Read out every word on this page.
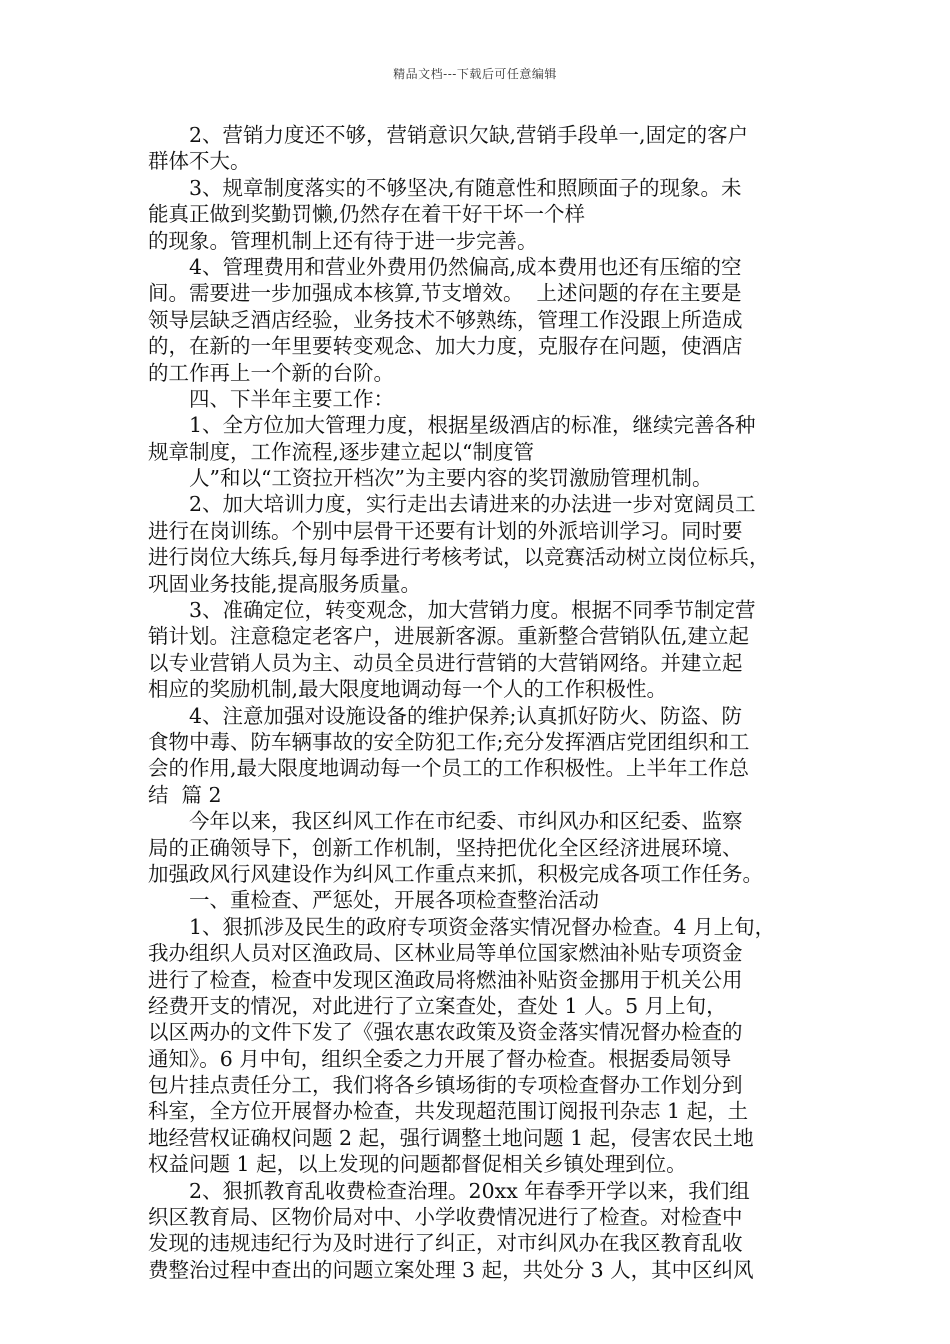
精品文档---下载后可任意编辑
2、营销力度还不够，营销意识欠缺,营销手段单一,固定的客户
群体不大。
3、规章制度落实的不够坚决,有随意性和照顾面子的现象。未
能真正做到奖勤罚懒,仍然存在着干好干坏一个样
的现象。管理机制上还有待于进一步完善。
4、管理费用和营业外费用仍然偏高,成本费用也还有压缩的空
间。需要进一步加强成本核算,节支增效。  上述问题的存在主要是
领导层缺乏酒店经验，业务技术不够熟练，管理工作没跟上所造成
的，在新的一年里要转变观念、加大力度，克服存在问题，使酒店
的工作再上一个新的台阶。
四、下半年主要工作：
1、全方位加大管理力度，根据星级酒店的标准，继续完善各种
规章制度，工作流程,逐步建立起以“制度管
人”和以“工资拉开档次”为主要内容的奖罚激励管理机制。
2、加大培训力度，实行走出去请进来的办法进一步对宽阔员工
进行在岗训练。个别中层骨干还要有计划的外派培训学习。同时要
进行岗位大练兵,每月每季进行考核考试，以竞赛活动树立岗位标兵，
巩固业务技能,提高服务质量。
3、准确定位，转变观念，加大营销力度。根据不同季节制定营
销计划。注意稳定老客户，进展新客源。重新整合营销队伍,建立起
以专业营销人员为主、动员全员进行营销的大营销网络。并建立起
相应的奖励机制,最大限度地调动每一个人的工作积极性。
4、注意加强对设施设备的维护保养;认真抓好防火、防盗、防
食物中毒、防车辆事故的安全防犯工作;充分发挥酒店党团组织和工
会的作用,最大限度地调动每一个员工的工作积极性。上半年工作总
结  篇 2
今年以来，我区纠风工作在市纪委、市纠风办和区纪委、监察
局的正确领导下，创新工作机制，坚持把优化全区经济进展环境、
加强政风行风建设作为纠风工作重点来抓，积极完成各项工作任务。
一、重检查、严惩处，开展各项检查整治活动
1、狠抓涉及民生的政府专项资金落实情况督办检查。4 月上旬，
我办组织人员对区渔政局、区林业局等单位国家燃油补贴专项资金
进行了检查，检查中发现区渔政局将燃油补贴资金挪用于机关公用
经费开支的情况，对此进行了立案查处，查处 1 人。5 月上旬，
以区两办的文件下发了《强农惠农政策及资金落实情况督办检查的
通知》。6 月中旬，组织全委之力开展了督办检查。根据委局领导
包片挂点责任分工，我们将各乡镇场街的专项检查督办工作划分到
科室，全方位开展督办检查，共发现超范围订阅报刊杂志 1 起，土
地经营权证确权问题 2 起，强行调整土地问题 1 起，侵害农民土地
权益问题 1 起，以上发现的问题都督促相关乡镇处理到位。
2、狠抓教育乱收费检查治理。20xx 年春季开学以来，我们组
织区教育局、区物价局对中、小学收费情况进行了检查。对检查中
发现的违规违纪行为及时进行了纠正，对市纠风办在我区教育乱收
费整治过程中查出的问题立案处理 3 起，共处分 3 人，其中区纠风
